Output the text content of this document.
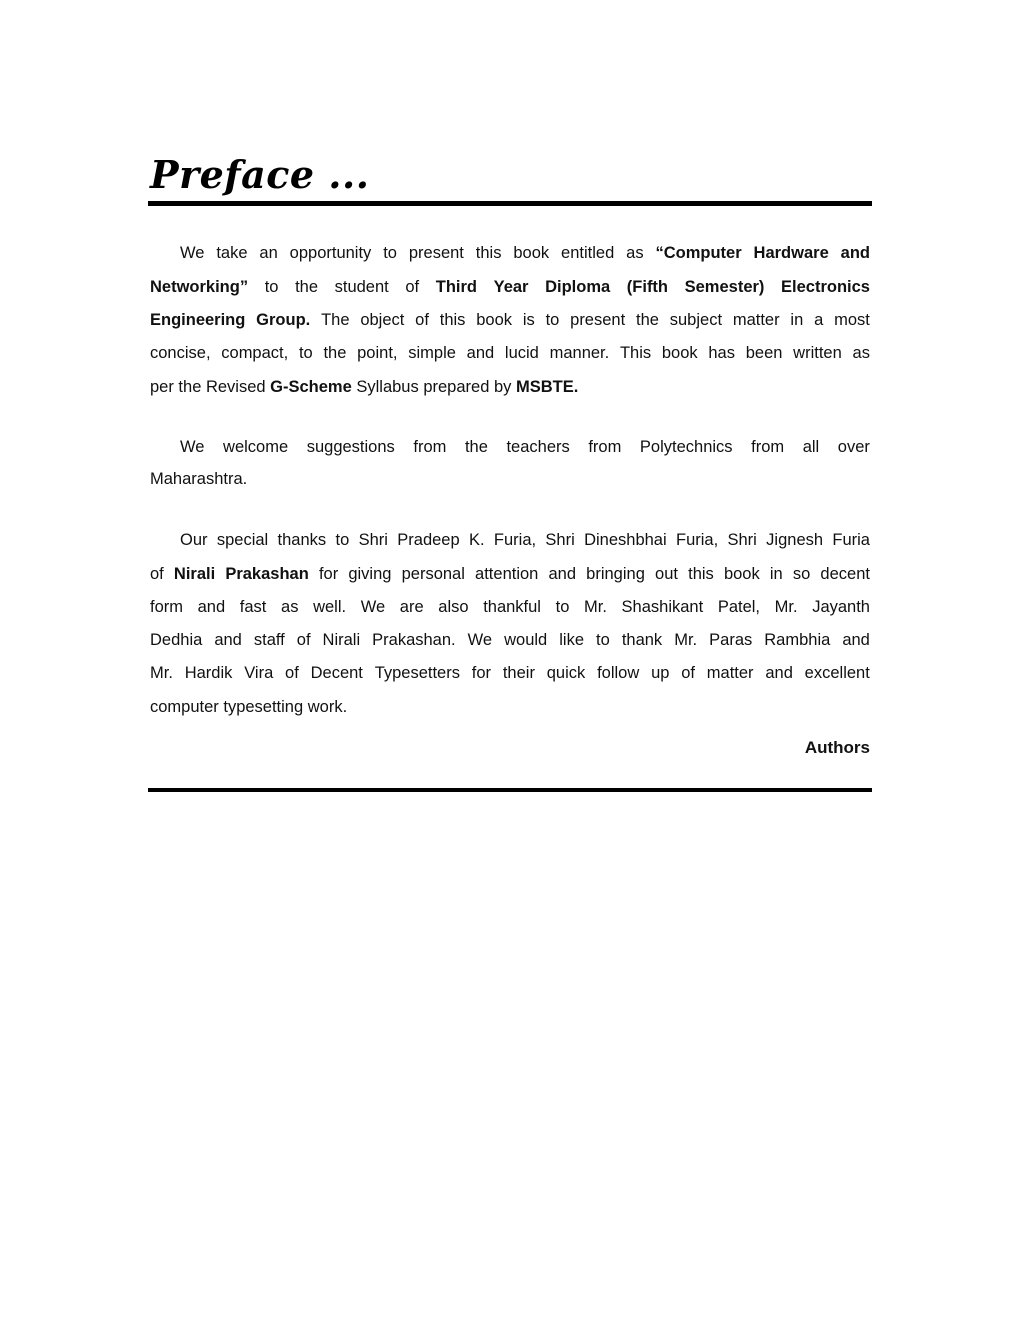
Preface ...
We take an opportunity to present this book entitled as “Computer Hardware and
Networking” to the student of Third Year Diploma (Fifth Semester) Electronics
Engineering Group. The object of this book is to present the subject matter in a most
concise, compact, to the point, simple and lucid manner. This book has been written as
per the Revised G-Scheme Syllabus prepared by MSBTE.
We welcome suggestions from the teachers from Polytechnics from all over
Maharashtra.
Our special thanks to Shri Pradeep K. Furia, Shri Dineshbhai Furia, Shri Jignesh Furia
of Nirali Prakashan for giving personal attention and bringing out this book in so decent
form and fast as well. We are also thankful to Mr. Shashikant Patel, Mr. Jayanth
Dedhia and staff of Nirali Prakashan. We would like to thank Mr. Paras Rambhia and
Mr. Hardik Vira of Decent Typesetters for their quick follow up of matter and excellent
computer typesetting work.
Authors
